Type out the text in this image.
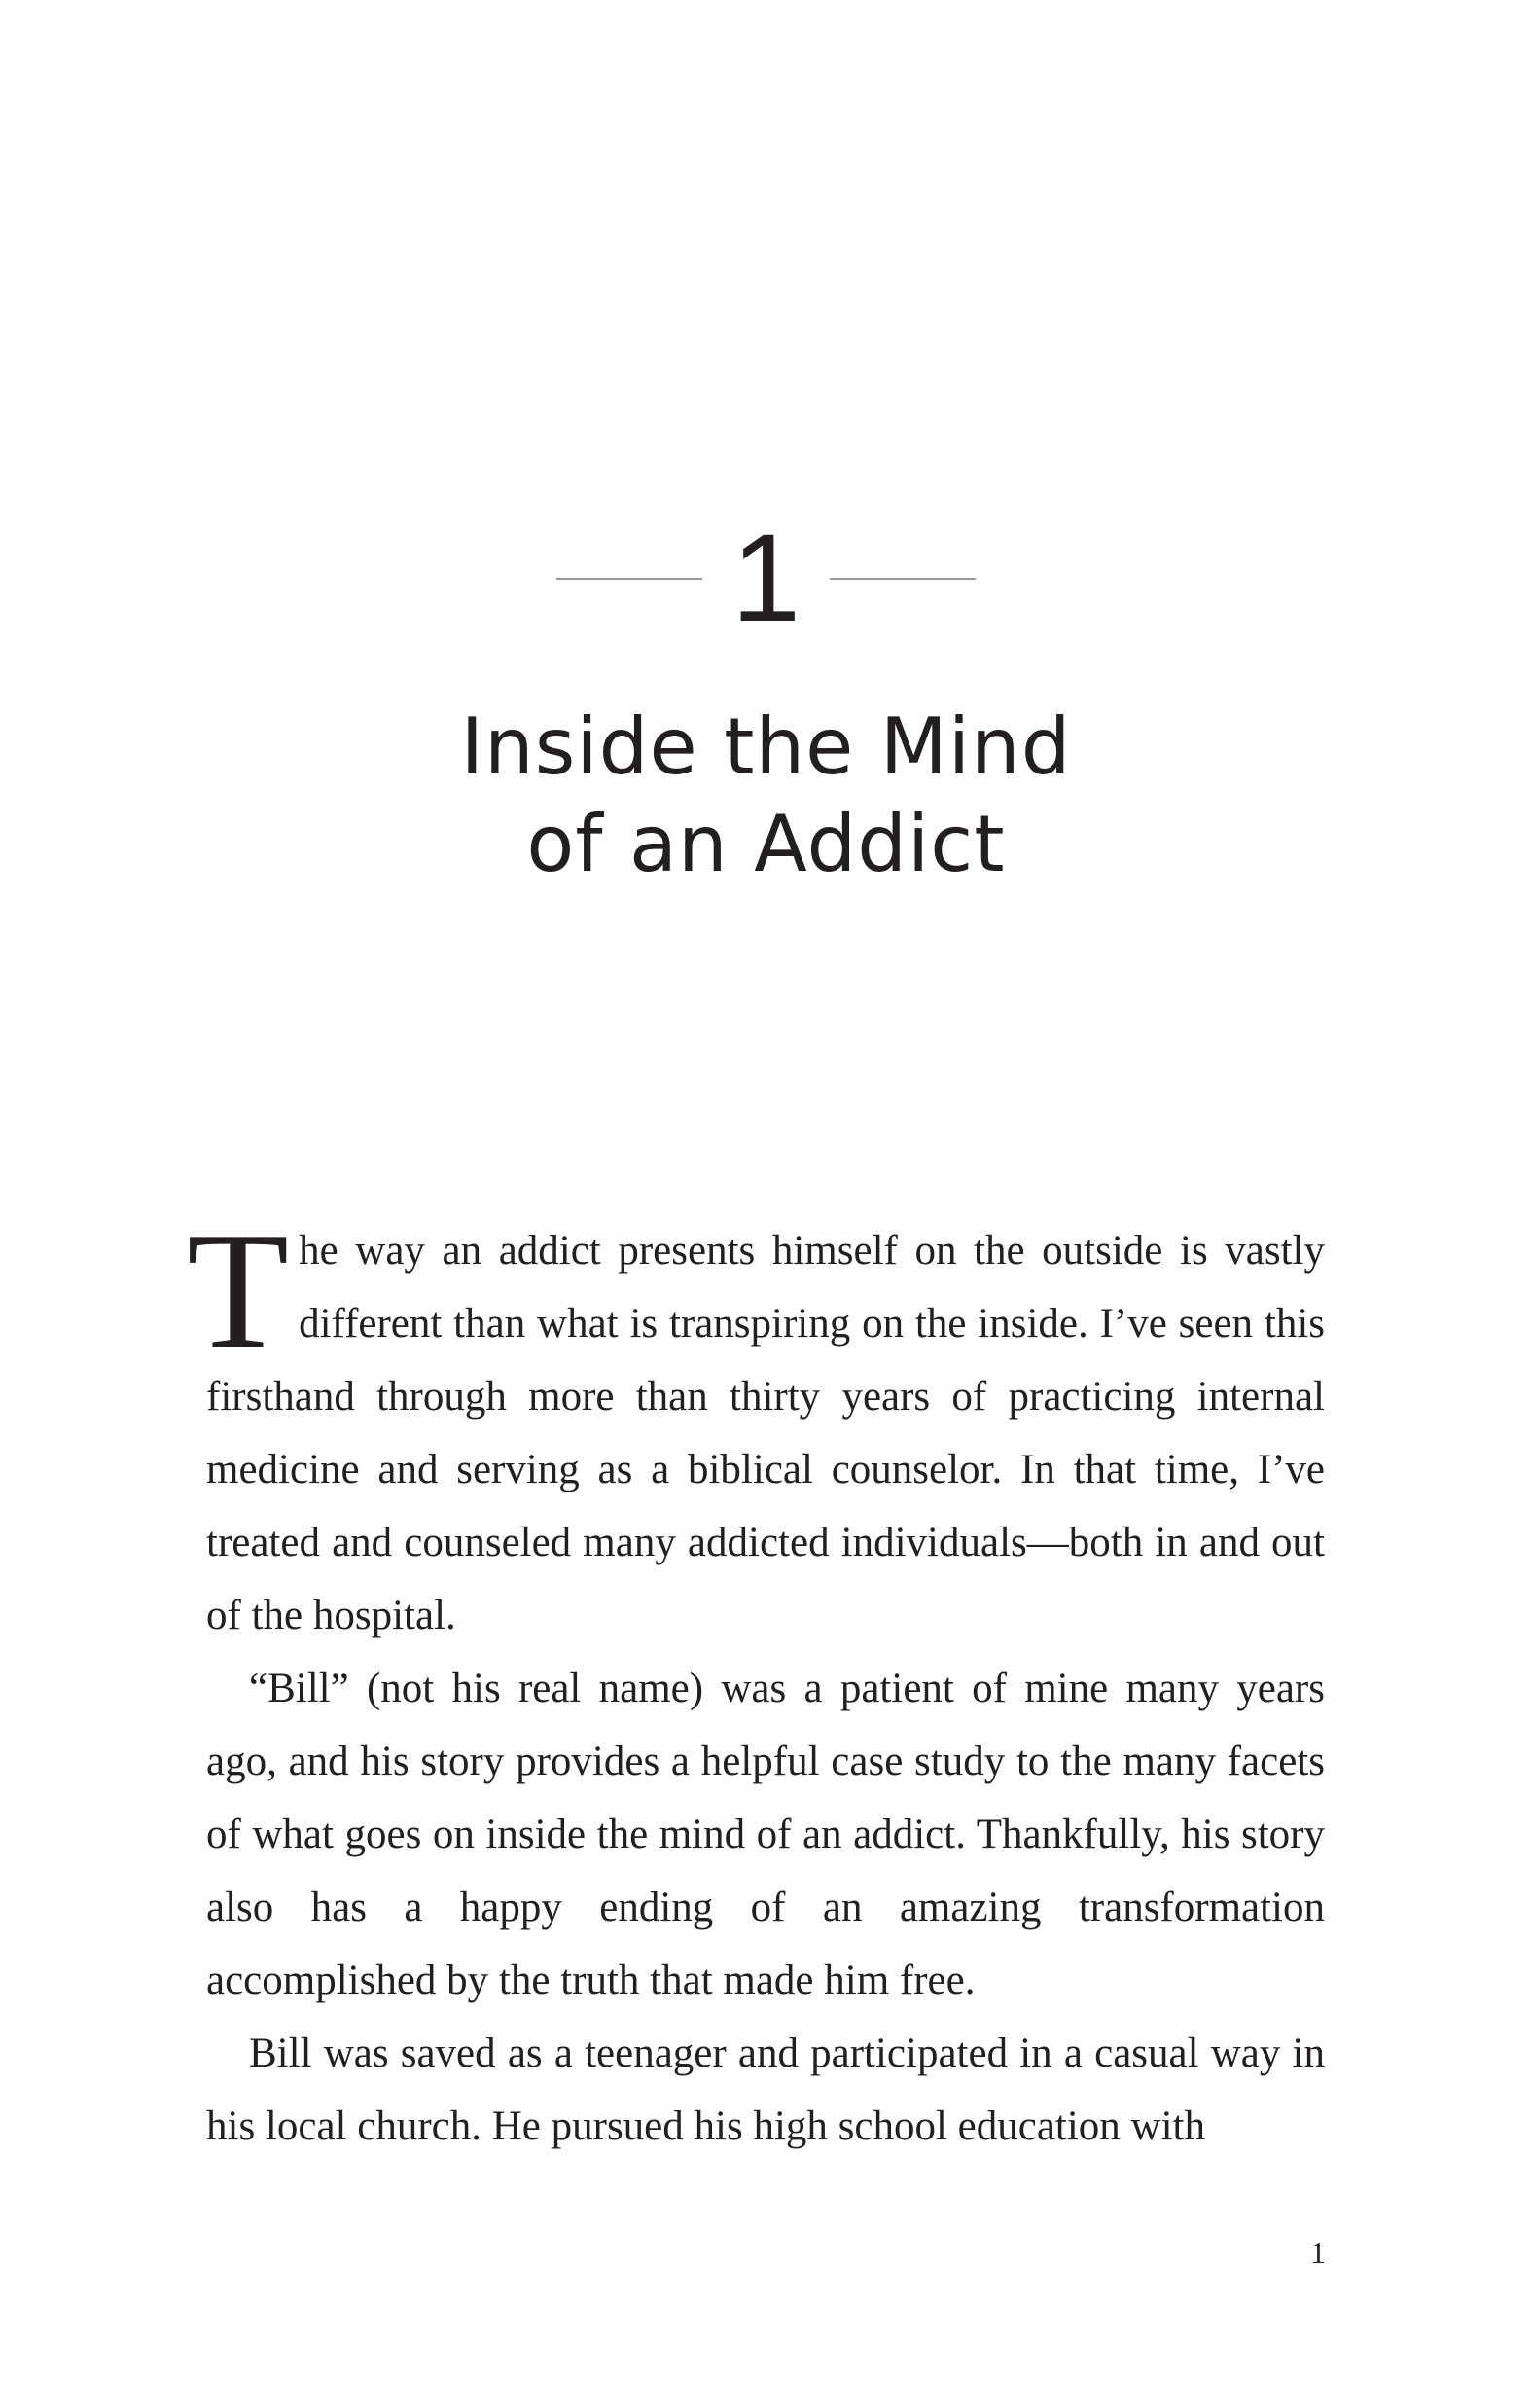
1
Inside the Mind
of an Addict

The way an addict presents himself on the outside is vastly different than what is transpiring on the inside. I’ve seen this firsthand through more than thirty years of practicing internal medicine and serving as a biblical counselor. In that time, I’ve treated and counseled many addicted individuals—both in and out of the hospital.

“Bill” (not his real name) was a patient of mine many years ago, and his story provides a helpful case study to the many facets of what goes on inside the mind of an addict. Thankfully, his story also has a happy ending of an amazing transformation accomplished by the truth that made him free.

Bill was saved as a teenager and participated in a casual way in his local church. He pursued his high school education with

1
